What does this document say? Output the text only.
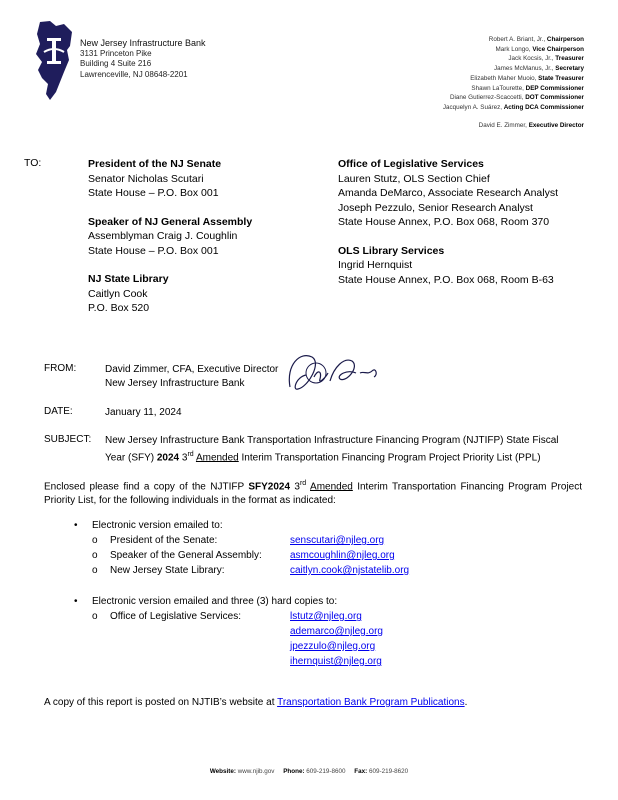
New Jersey Infrastructure Bank
3131 Princeton Pike
Building 4 Suite 216
Lawrenceville, NJ 08648-2201
Robert A. Briant, Jr., Chairperson
Mark Longo, Vice Chairperson
Jack Kocsis, Jr., Treasurer
James McManus, Jr., Secretary
Elizabeth Maher Muoio, State Treasurer
Shawn LaTourette, DEP Commissioner
Diane Gutierrez-Scaccetti, DOT Commissioner
Jacquelyn A. Suárez, Acting DCA Commissioner
David E. Zimmer, Executive Director
TO:	President of the NJ Senate
Senator Nicholas Scutari
State House – P.O. Box 001
Speaker of NJ General Assembly
Assemblyman Craig J. Coughlin
State House – P.O. Box 001
NJ State Library
Caitlyn Cook
P.O. Box 520
Office of Legislative Services
Lauren Stutz, OLS Section Chief
Amanda DeMarco, Associate Research Analyst
Joseph Pezzulo, Senior Research Analyst
State House Annex, P.O. Box 068, Room 370
OLS Library Services
Ingrid Hernquist
State House Annex, P.O. Box 068, Room B-63
FROM:	David Zimmer, CFA, Executive Director
New Jersey Infrastructure Bank
DATE:	January 11, 2024
SUBJECT: New Jersey Infrastructure Bank Transportation Infrastructure Financing Program (NJTIFP) State Fiscal
Year (SFY) 2024 3rd Amended Interim Transportation Financing Program Project Priority List (PPL)
Enclosed please find a copy of the NJTIFP SFY2024 3rd Amended Interim Transportation Financing Program Project Priority List, for the following individuals in the format as indicated:
• Electronic version emailed to:
o President of the Senate:	senscutari@njleg.org
o Speaker of the General Assembly:	asmcoughlin@njleg.org
o New Jersey State Library:	caitlyn.cook@njstatelib.org
• Electronic version emailed and three (3) hard copies to:
o Office of Legislative Services:	lstutz@njleg.org
ademarco@njleg.org
jpezzulo@njleg.org
ihernquist@njleg.org
A copy of this report is posted on NJTIB’s website at Transportation Bank Program Publications.
Website: www.njib.gov Phone: 609-219-8600 Fax: 609-219-8620
